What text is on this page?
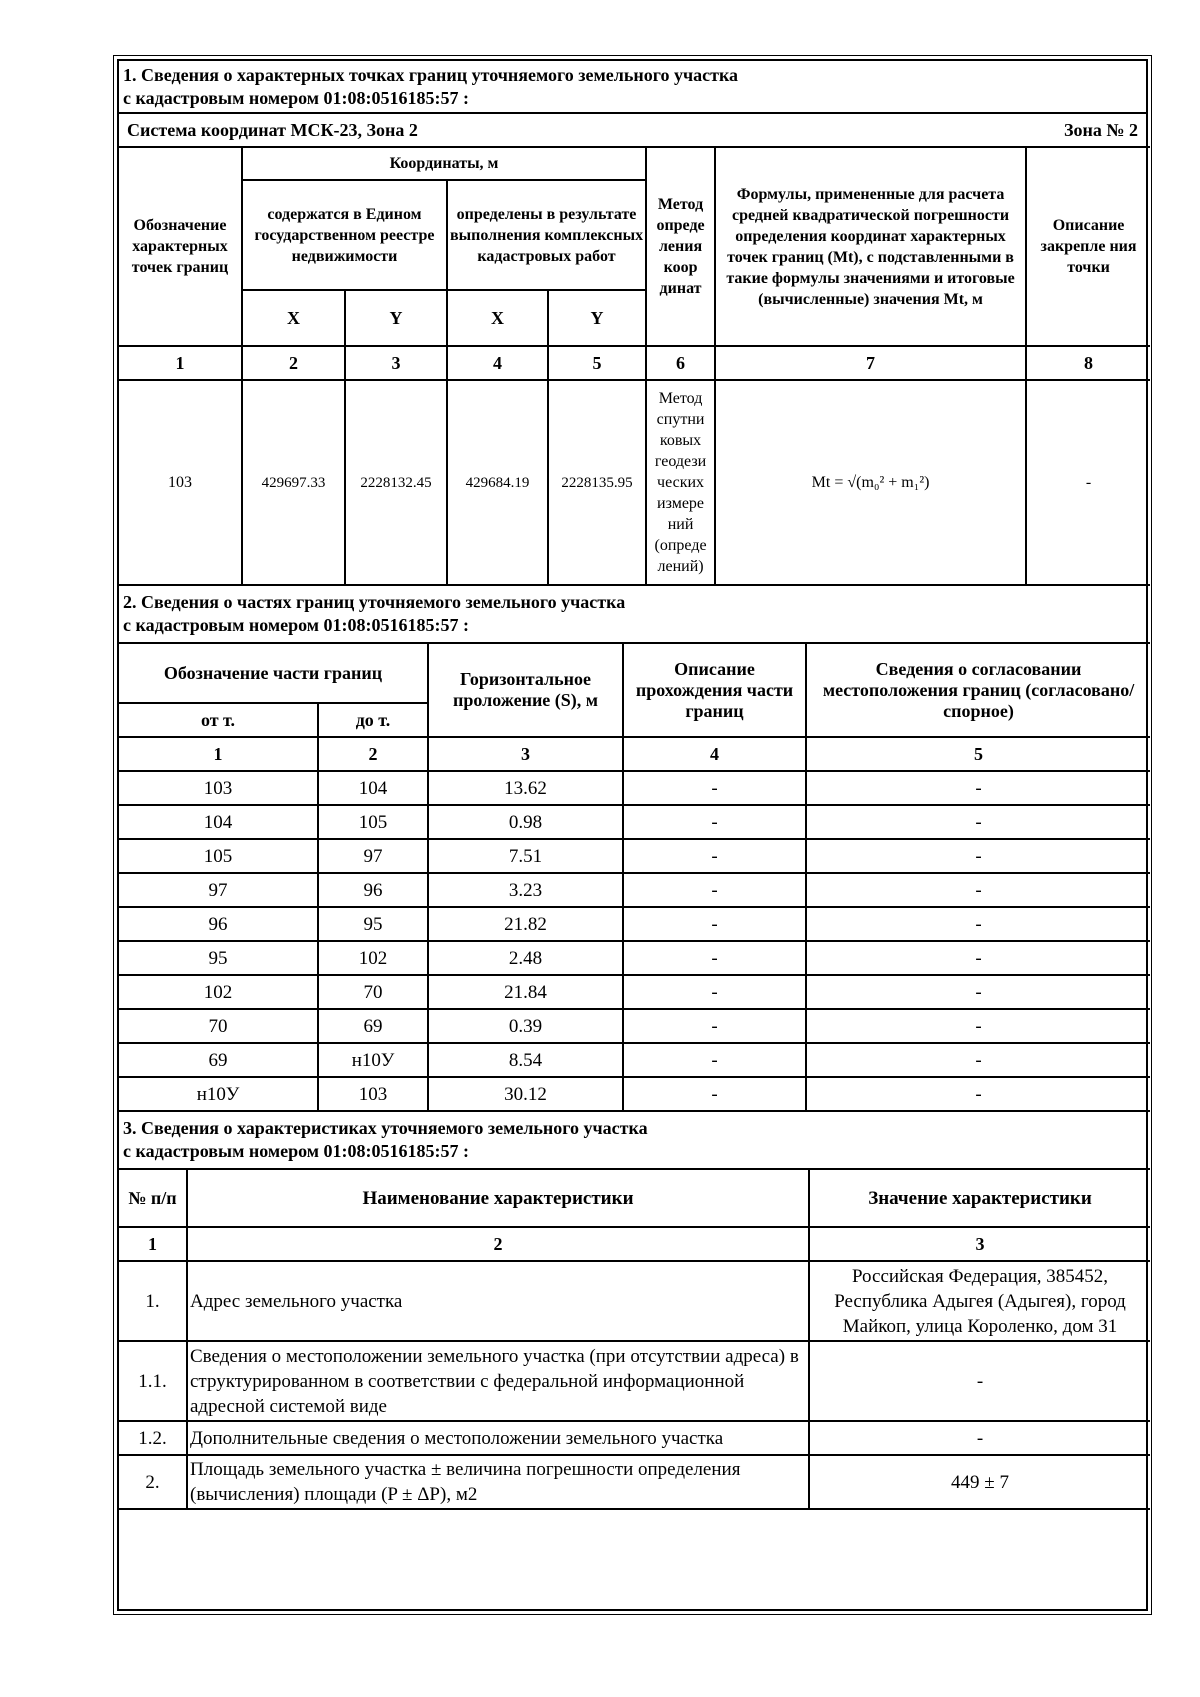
1. Сведения о характерных точках границ уточняемого земельного участка
с кадастровым номером 01:08:0516185:57 :

Система координат МСК-23, Зона 2	Зона № 2
Обозначение характерных точек границ	Координаты, м				Метод опреде ления коор динат	Формулы, примененные для расчета средней квадратической погрешности определения координат характерных точек границ (Mt), с подставленными в такие формулы значениями и итоговые (вычисленные) значения Mt, м	Описание закрепле ния точки
	содержатся в Едином государственном реестре недвижимости		определены в результате выполнения комплексных кадастровых работ				
	X	Y	X	Y			
1	2	3	4	5	6	7	8
103	429697.33	2228132.45	429684.19	2228135.95	Метод спутни ковых геодези ческих измере ний (опреде лений)	Mt = √(m₀² + m₁²)	-
2. Сведения о частях границ уточняемого земельного участка
с кадастровым номером 01:08:0516185:57 :
Обозначение части границ		Горизонтальное проложение (S), м	Описание прохождения части границ	Сведения о согласовании местоположения границ (согласовано/спорное)
от т.	до т.			
1	2	3	4	5
103	104	13.62	-	-
104	105	0.98	-	-
105	97	7.51	-	-
97	96	3.23	-	-
96	95	21.82	-	-
95	102	2.48	-	-
102	70	21.84	-	-
70	69	0.39	-	-
69	н10У	8.54	-	-
н10У	103	30.12	-	-
3. Сведения о характеристиках уточняемого земельного участка
с кадастровым номером 01:08:0516185:57 :
№ п/п	Наименование характеристики	Значение характеристики
1	2	3
1.	Адрес земельного участка	Российская Федерация, 385452, Республика Адыгея (Адыгея), город Майкоп, улица Короленко, дом 31
1.1.	Сведения о местоположении земельного участка (при отсутствии адреса) в структурированном в соответствии с федеральной информационной адресной системой виде	-
1.2.	Дополнительные сведения о местоположении земельного участка	-
2.	Площадь земельного участка ± величина погрешности определения (вычисления) площади (P ± ΔP), м2	449 ± 7
